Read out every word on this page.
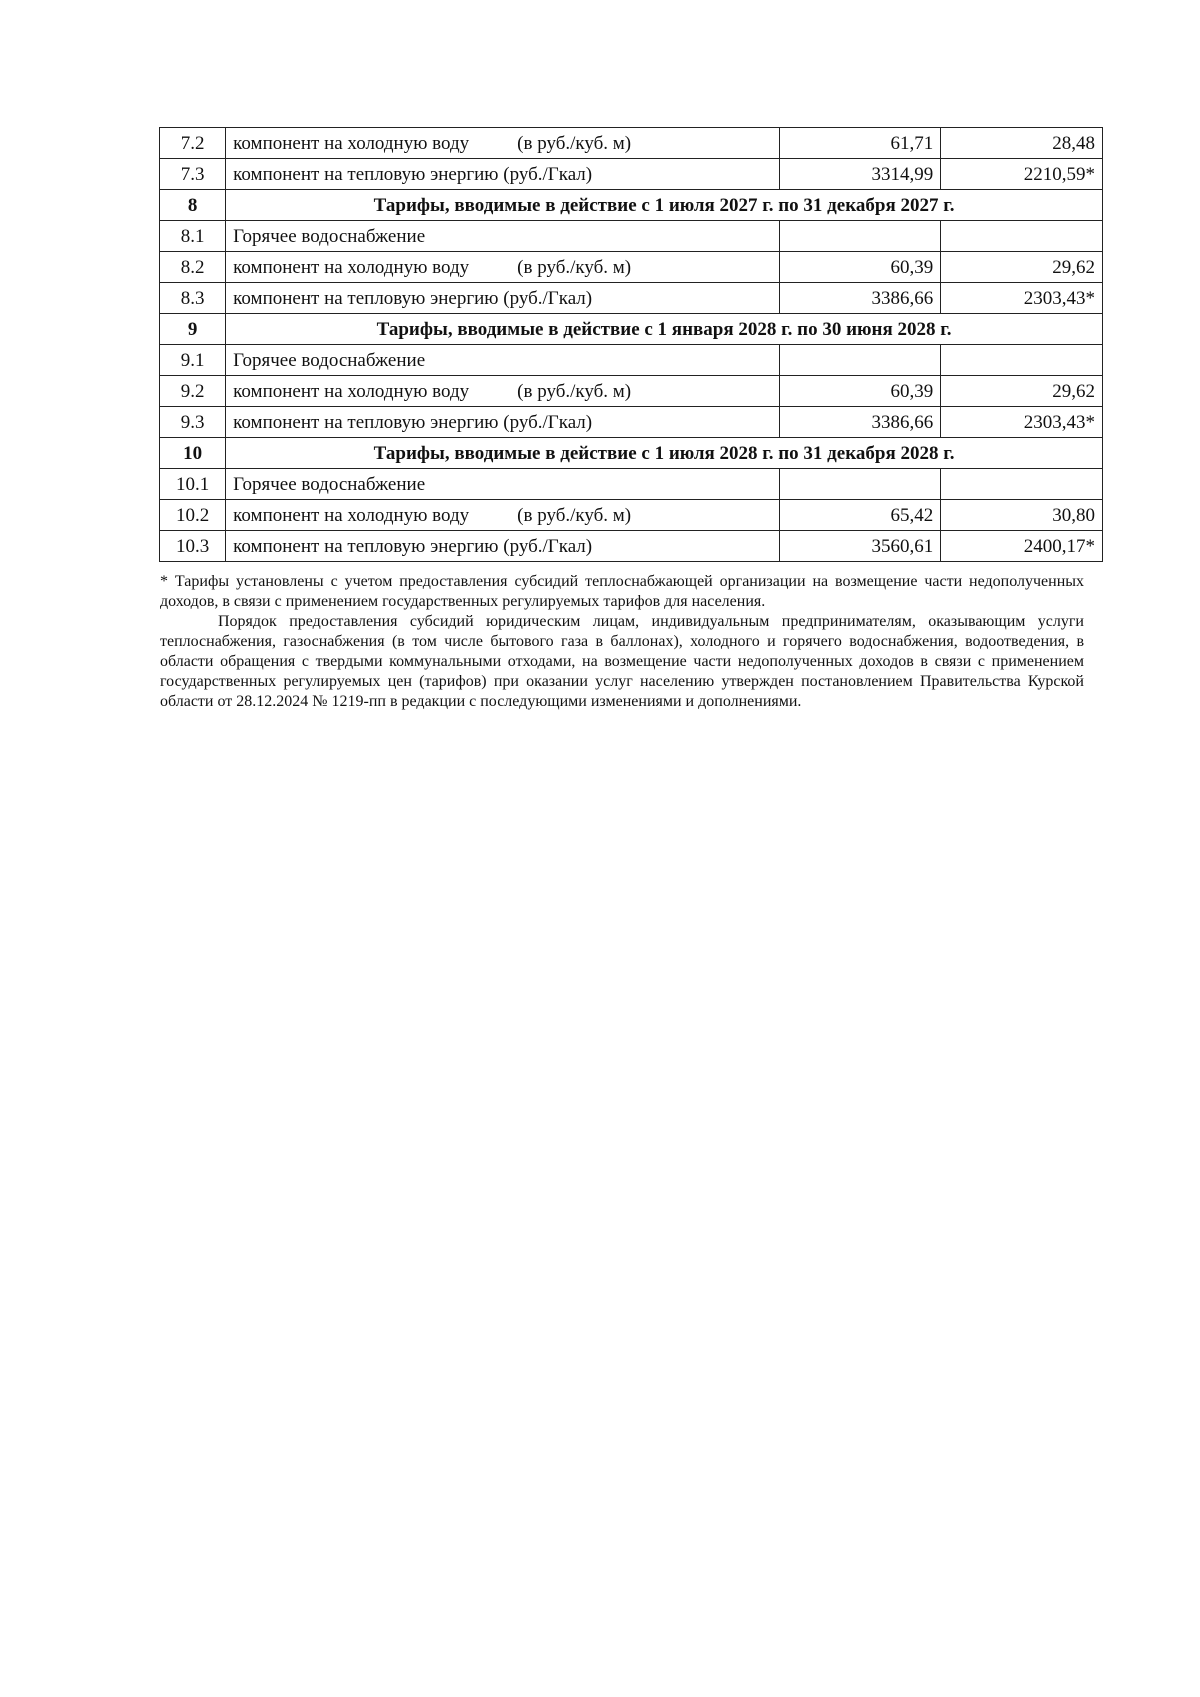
7.2	компонент на холодную воду (в руб./куб. м)	61,71	28,48
7.3	компонент на тепловую энергию (руб./Гкал)	3314,99	2210,59*
8	Тарифы, вводимые в действие с 1 июля 2027 г. по 31 декабря 2027 г.		
8.1	Горячее водоснабжение		
8.2	компонент на холодную воду (в руб./куб. м)	60,39	29,62
8.3	компонент на тепловую энергию (руб./Гкал)	3386,66	2303,43*
9	Тарифы, вводимые в действие с 1 января 2028 г. по 30 июня 2028 г.		
9.1	Горячее водоснабжение		
9.2	компонент на холодную воду (в руб./куб. м)	60,39	29,62
9.3	компонент на тепловую энергию (руб./Гкал)	3386,66	2303,43*
10	Тарифы, вводимые в действие с 1 июля 2028 г. по 31 декабря 2028 г.		
10.1	Горячее водоснабжение		
10.2	компонент на холодную воду (в руб./куб. м)	65,42	30,80
10.3	компонент на тепловую энергию (руб./Гкал)	3560,61	2400,17*

* Тарифы установлены с учетом предоставления субсидий теплоснабжающей организации на возмещение части недополученных доходов, в связи с применением государственных регулируемых тарифов для населения.

Порядок предоставления субсидий юридическим лицам, индивидуальным предпринимателям, оказывающим услуги теплоснабжения, газоснабжения (в том числе бытового газа в баллонах), холодного и горячего водоснабжения, водоотведения, в области обращения с твердыми коммунальными отходами, на возмещение части недополученных доходов в связи с применением государственных регулируемых цен (тарифов) при оказании услуг населению утвержден постановлением Правительства Курской области от 28.12.2024 № 1219-пп в редакции с последующими изменениями и дополнениями.
